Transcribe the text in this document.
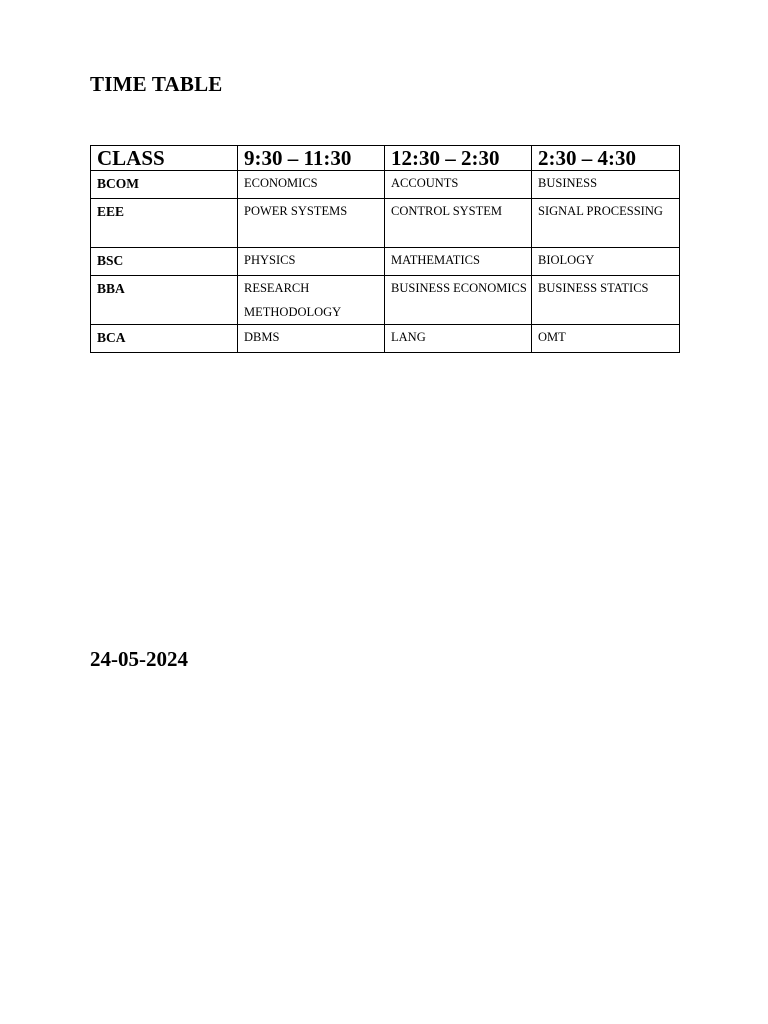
TIME TABLE
CLASS	9:30 – 11:30	12:30 – 2:30	2:30 – 4:30
BCOM	ECONOMICS	ACCOUNTS	BUSINESS
EEE	POWER SYSTEMS	CONTROL SYSTEM	SIGNAL PROCESSING
BSC	PHYSICS	MATHEMATICS	BIOLOGY
BBA	RESEARCH METHODOLOGY	BUSINESS ECONOMICS	BUSINESS STATICS
BCA	DBMS	LANG	OMT

24-05-2024
